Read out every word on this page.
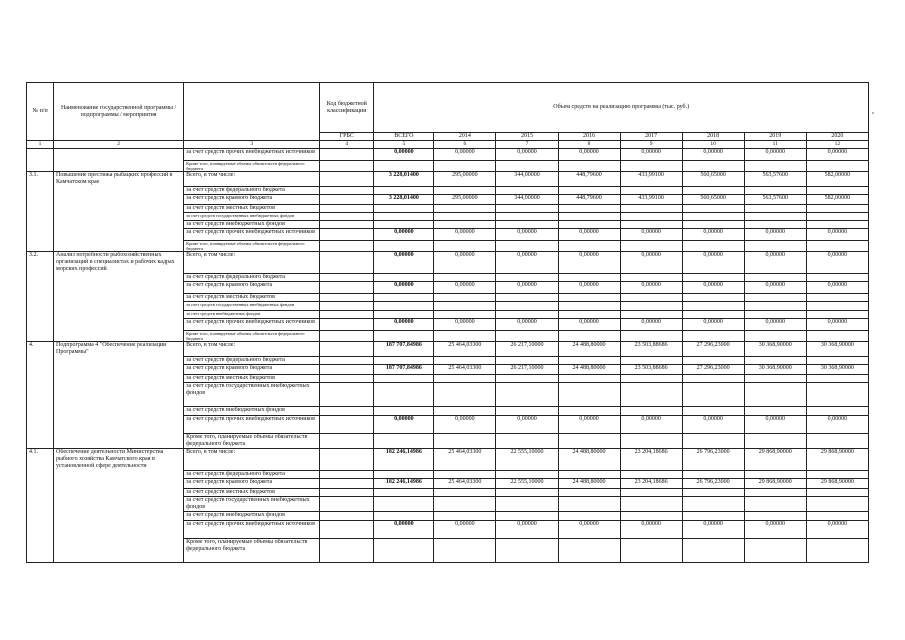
№ п/п	Наименование государственной программы / подпрограммы / мероприятия		Код бюджетной классификации	Объем средств на реализацию программы (тыс. руб.)							
			ГРБС	ВСЕГО	2014	2015	2016	2017	2018	2019	2020
1	2	3	4	5	6	7	8	9	10	11	12
		за счет средств прочих внебюджетных источников		0,00000	0,00000	0,00000	0,00000	0,00000	0,00000	0,00000	0,00000
		Кроме того, планируемые объемы обязательств федерального бюджета									
3.1.	Повышение престижа рыбацких профессий в Камчатском крае	Всего, в том числе:		3 228,01400	295,00000	344,00000	448,79600	433,99100	560,65000	563,57600	582,00000
		за счет средств федерального бюджета									
		за счет средств краевого бюджета		3 228,01400	295,00000	344,00000	448,79600	433,99100	560,65000	563,57600	582,00000
		за счет средств местных бюджетов									
		за счет средств государственных внебюджетных фондов									
		за счет средств внебюджетных фондов									
		за счет средств прочих внебюджетных источников		0,00000	0,00000	0,00000	0,00000	0,00000	0,00000	0,00000	0,00000
		Кроме того, планируемые объемы обязательств федерального бюджета									
3.2.	Анализ потребности рыбохозяйственных организаций в специалистах и рабочих кадрах морских профессий	Всего, в том числе:		0,00000	0,00000	0,00000	0,00000	0,00000	0,00000	0,00000	0,00000
		за счет средств федерального бюджета									
		за счет средств краевого бюджета		0,00000	0,00000	0,00000	0,00000	0,00000	0,00000	0,00000	0,00000
		за счет средств местных бюджетов									
		за счет средств государственных внебюджетных фондов									
		за счет средств внебюджетных фондов									
		за счет средств прочих внебюджетных источников		0,00000	0,00000	0,00000	0,00000	0,00000	0,00000	0,00000	0,00000
		Кроме того, планируемые объемы обязательств федерального бюджета									
4.	Подпрограмма 4 "Обеспечение реализации Программы"	Всего, в том числе:		187 707,84986	25 464,03300	26 217,10000	24 488,80000	23 503,88686	27 296,23000	30 368,90000	30 368,90000
		за счет средств федерального бюджета									
		за счет средств краевого бюджета		187 707,84986	25 464,03300	26 217,10000	24 488,80000	23 503,88686	27 296,23000	30 368,90000	30 368,90000
		за счет средств местных бюджетов									
		за счет средств государственных внебюджетных фондов									
		за счет средств внебюджетных фондов									
		за счет средств прочих внебюджетных источников		0,00000	0,00000	0,00000	0,00000	0,00000	0,00000	0,00000	0,00000
		Кроме того, планируемые объемы обязательств федерального бюджета									
4.1.	Обеспечение деятельности Министерства рыбного хозяйства Камчатского края в установленной сфере деятельности	Всего, в том числе:		182 246,14986	25 464,03300	22 555,10000	24 488,80000	23 204,18686	26 796,23000	29 868,90000	29 868,90000
		за счет средств федерального бюджета									
		за счет средств краевого бюджета		182 246,14986	25 464,03300	22 555,10000	24 488,80000	23 204,18686	26 796,23000	29 868,90000	29 868,90000
		за счет средств местных бюджетов									
		за счет средств государственных внебюджетных фондов									
		за счет средств внебюджетных фондов									
		за счет средств прочих внебюджетных источников		0,00000	0,00000	0,00000	0,00000	0,00000	0,00000	0,00000	0,00000
		Кроме того, планируемые объемы обязательств федерального бюджета									
